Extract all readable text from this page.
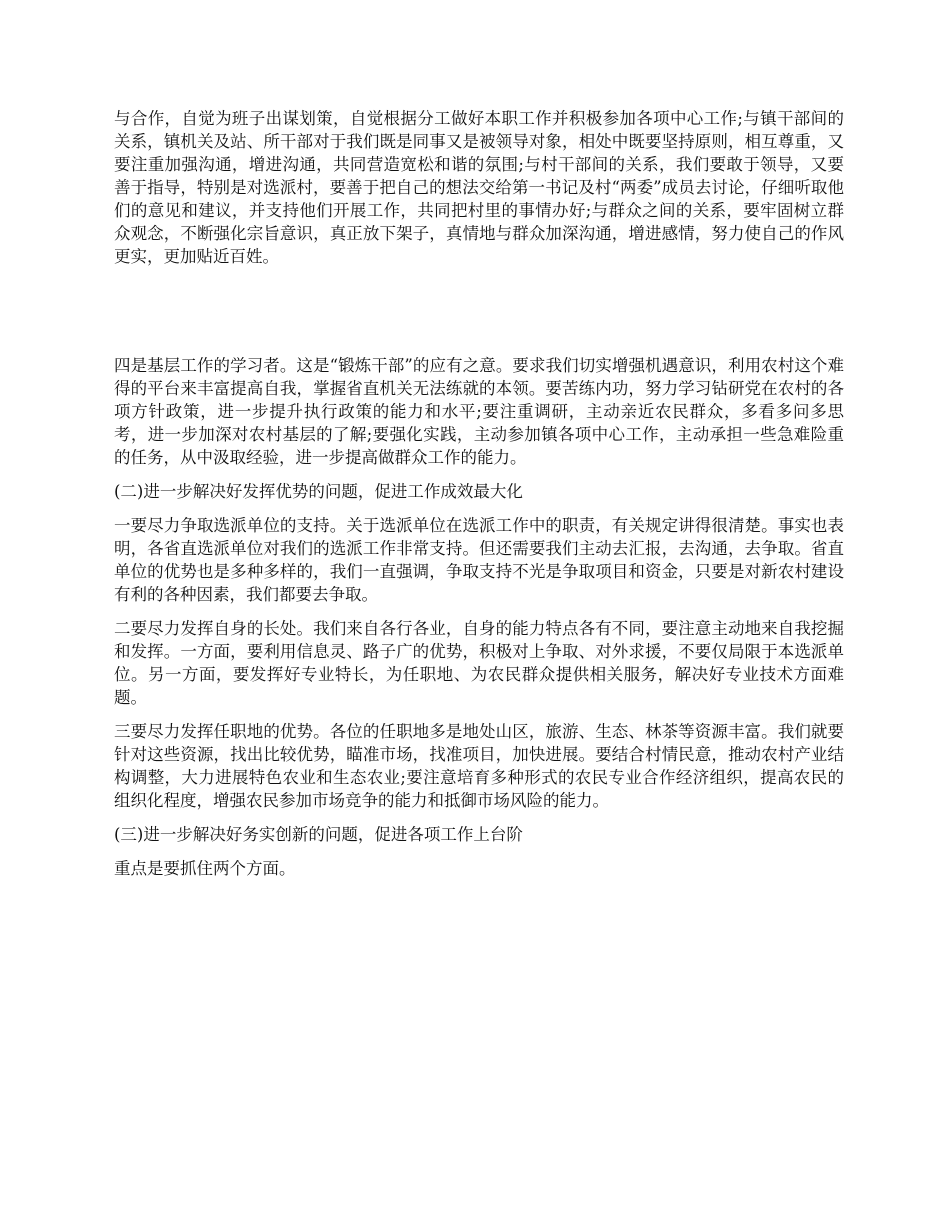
与合作，自觉为班子出谋划策，自觉根据分工做好本职工作并积极参加各项中心工作;与镇干部间的关系，镇机关及站、所干部对于我们既是同事又是被领导对象，相处中既要坚持原则，相互尊重，又要注重加强沟通，增进沟通，共同营造宽松和谐的氛围;与村干部间的关系，我们要敢于领导，又要善于指导，特别是对选派村，要善于把自己的想法交给第一书记及村“两委”成员去讨论，仔细听取他们的意见和建议，并支持他们开展工作，共同把村里的事情办好;与群众之间的关系，要牢固树立群众观念，不断强化宗旨意识，真正放下架子，真情地与群众加深沟通，增进感情，努力使自己的作风更实，更加贴近百姓。

四是基层工作的学习者。这是“锻炼干部”的应有之意。要求我们切实增强机遇意识，利用农村这个难得的平台来丰富提高自我，掌握省直机关无法练就的本领。要苦练内功，努力学习钻研党在农村的各项方针政策，进一步提升执行政策的能力和水平;要注重调研，主动亲近农民群众，多看多问多思考，进一步加深对农村基层的了解;要强化实践，主动参加镇各项中心工作，主动承担一些急难险重的任务，从中汲取经验，进一步提高做群众工作的能力。

(二)进一步解决好发挥优势的问题，促进工作成效最大化

一要尽力争取选派单位的支持。关于选派单位在选派工作中的职责，有关规定讲得很清楚。事实也表明，各省直选派单位对我们的选派工作非常支持。但还需要我们主动去汇报，去沟通，去争取。省直单位的优势也是多种多样的，我们一直强调，争取支持不光是争取项目和资金，只要是对新农村建设有利的各种因素，我们都要去争取。

二要尽力发挥自身的长处。我们来自各行各业，自身的能力特点各有不同，要注意主动地来自我挖掘和发挥。一方面，要利用信息灵、路子广的优势，积极对上争取、对外求援，不要仅局限于本选派单位。另一方面，要发挥好专业特长，为任职地、为农民群众提供相关服务，解决好专业技术方面难题。

三要尽力发挥任职地的优势。各位的任职地多是地处山区，旅游、生态、林茶等资源丰富。我们就要针对这些资源，找出比较优势，瞄准市场，找准项目，加快进展。要结合村情民意，推动农村产业结构调整，大力进展特色农业和生态农业;要注意培育多种形式的农民专业合作经济组织，提高农民的组织化程度，增强农民参加市场竞争的能力和抵御市场风险的能力。

(三)进一步解决好务实创新的问题，促进各项工作上台阶

重点是要抓住两个方面。
